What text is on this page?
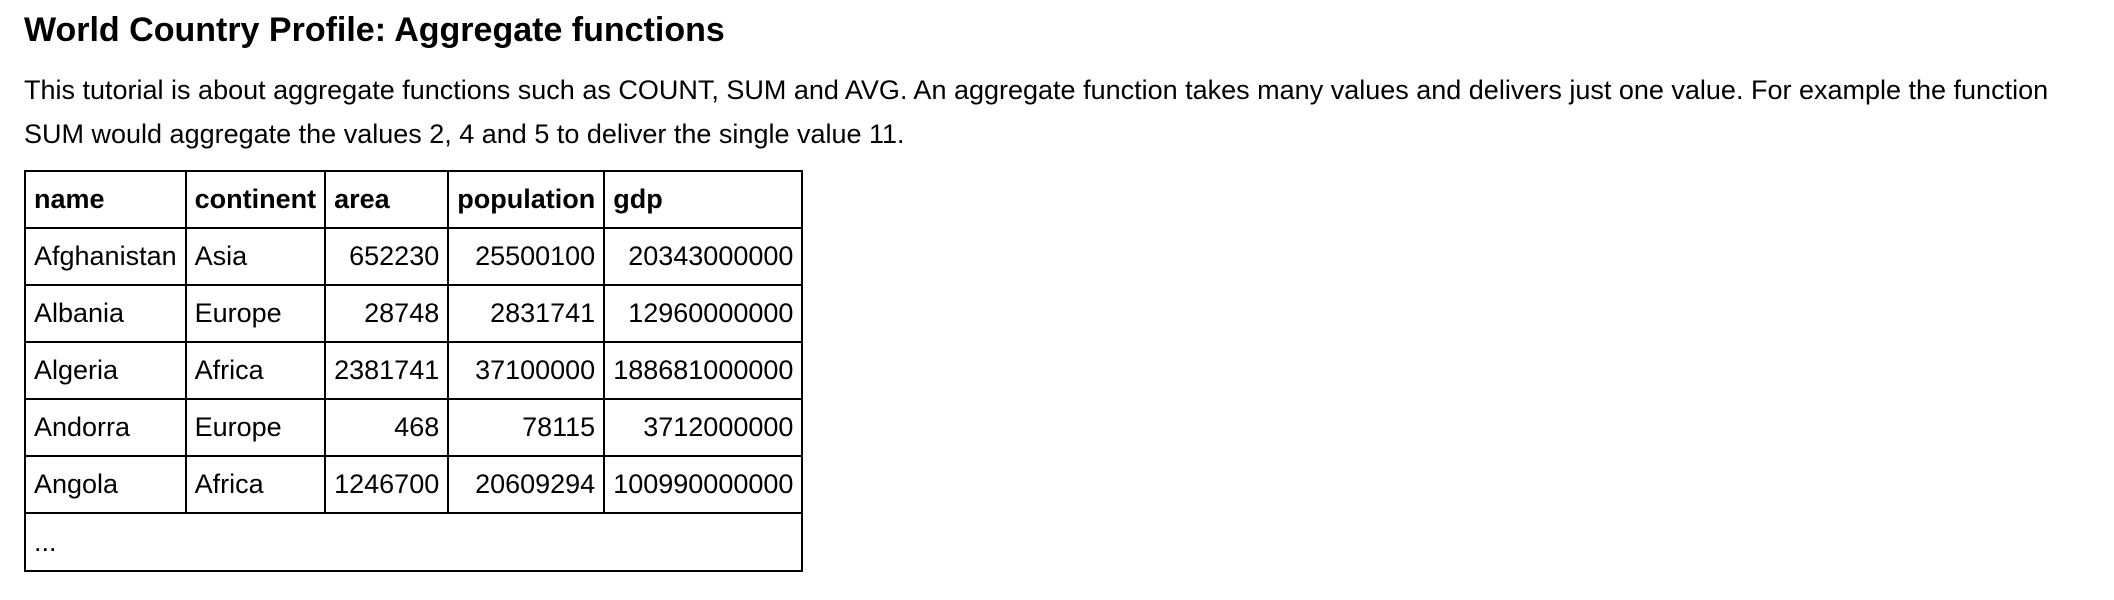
World Country Profile: Aggregate functions

This tutorial is about aggregate functions such as COUNT, SUM and AVG. An aggregate function takes many values and delivers just one value. For example the function SUM would aggregate the values 2, 4 and 5 to deliver the single value 11.

name	continent	area	population	gdp
Afghanistan	Asia	652230	25500100	20343000000
Albania	Europe	28748	2831741	12960000000
Algeria	Africa	2381741	37100000	188681000000
Andorra	Europe	468	78115	3712000000
Angola	Africa	1246700	20609294	100990000000
...				
